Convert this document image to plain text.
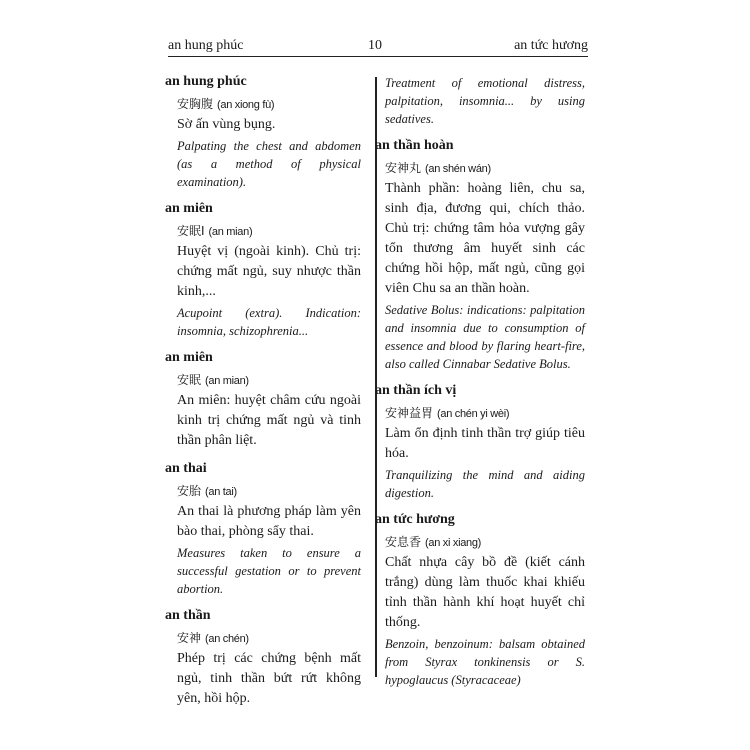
an hung phúc	10	an tức hương
an hung phúc
安胸腹 (an xiong fù)
Sờ ấn vùng bụng.
Palpating the chest and abdomen (as a method of physical examination).
an miên
安眠Ⅰ (an mian)
Huyệt vị (ngoài kinh). Chủ trị: chứng mất ngủ, suy nhược thần kinh,...
Acupoint (extra). Indication: insomnia, schizophrenia...
an miên
安眠 (an mian)
An miên: huyệt châm cứu ngoài kinh trị chứng mất ngủ và tinh thần phân liệt.
an thai
安胎 (an tai)
An thai là phương pháp làm yên bào thai, phòng sẩy thai.
Measures taken to ensure a successful gestation or to prevent abortion.
an thần
安神 (an chén)
Phép trị các chứng bệnh mất ngủ, tinh thần bứt rứt không yên, hồi hộp.
Treatment of emotional distress, palpitation, insomnia... by using sedatives.
an thần hoàn
安神丸 (an shén wán)
Thành phần: hoàng liên, chu sa, sinh địa, đương qui, chích thảo. Chủ trị: chứng tâm hỏa vượng gây tổn thương âm huyết sinh các chứng hồi hộp, mất ngủ, cũng gọi viên Chu sa an thần hoàn.
Sedative Bolus: indications: palpitation and insomnia due to consumption of essence and blood by flaring heart-fire, also called Cinnabar Sedative Bolus.
an thần ích vị
安神益胃 (an chén yi wèi)
Làm ổn định tinh thần trợ giúp tiêu hóa.
Tranquilizing the mind and aiding digestion.
an tức hương
安息香 (an xi xiang)
Chất nhựa cây bồ đề (kiết cánh trắng) dùng làm thuốc khai khiếu tỉnh thần hành khí hoạt huyết chỉ thống.
Benzoin, benzoinum: balsam obtained from Styrax tonkinensis or S. hypoglaucus (Styracaceae)
